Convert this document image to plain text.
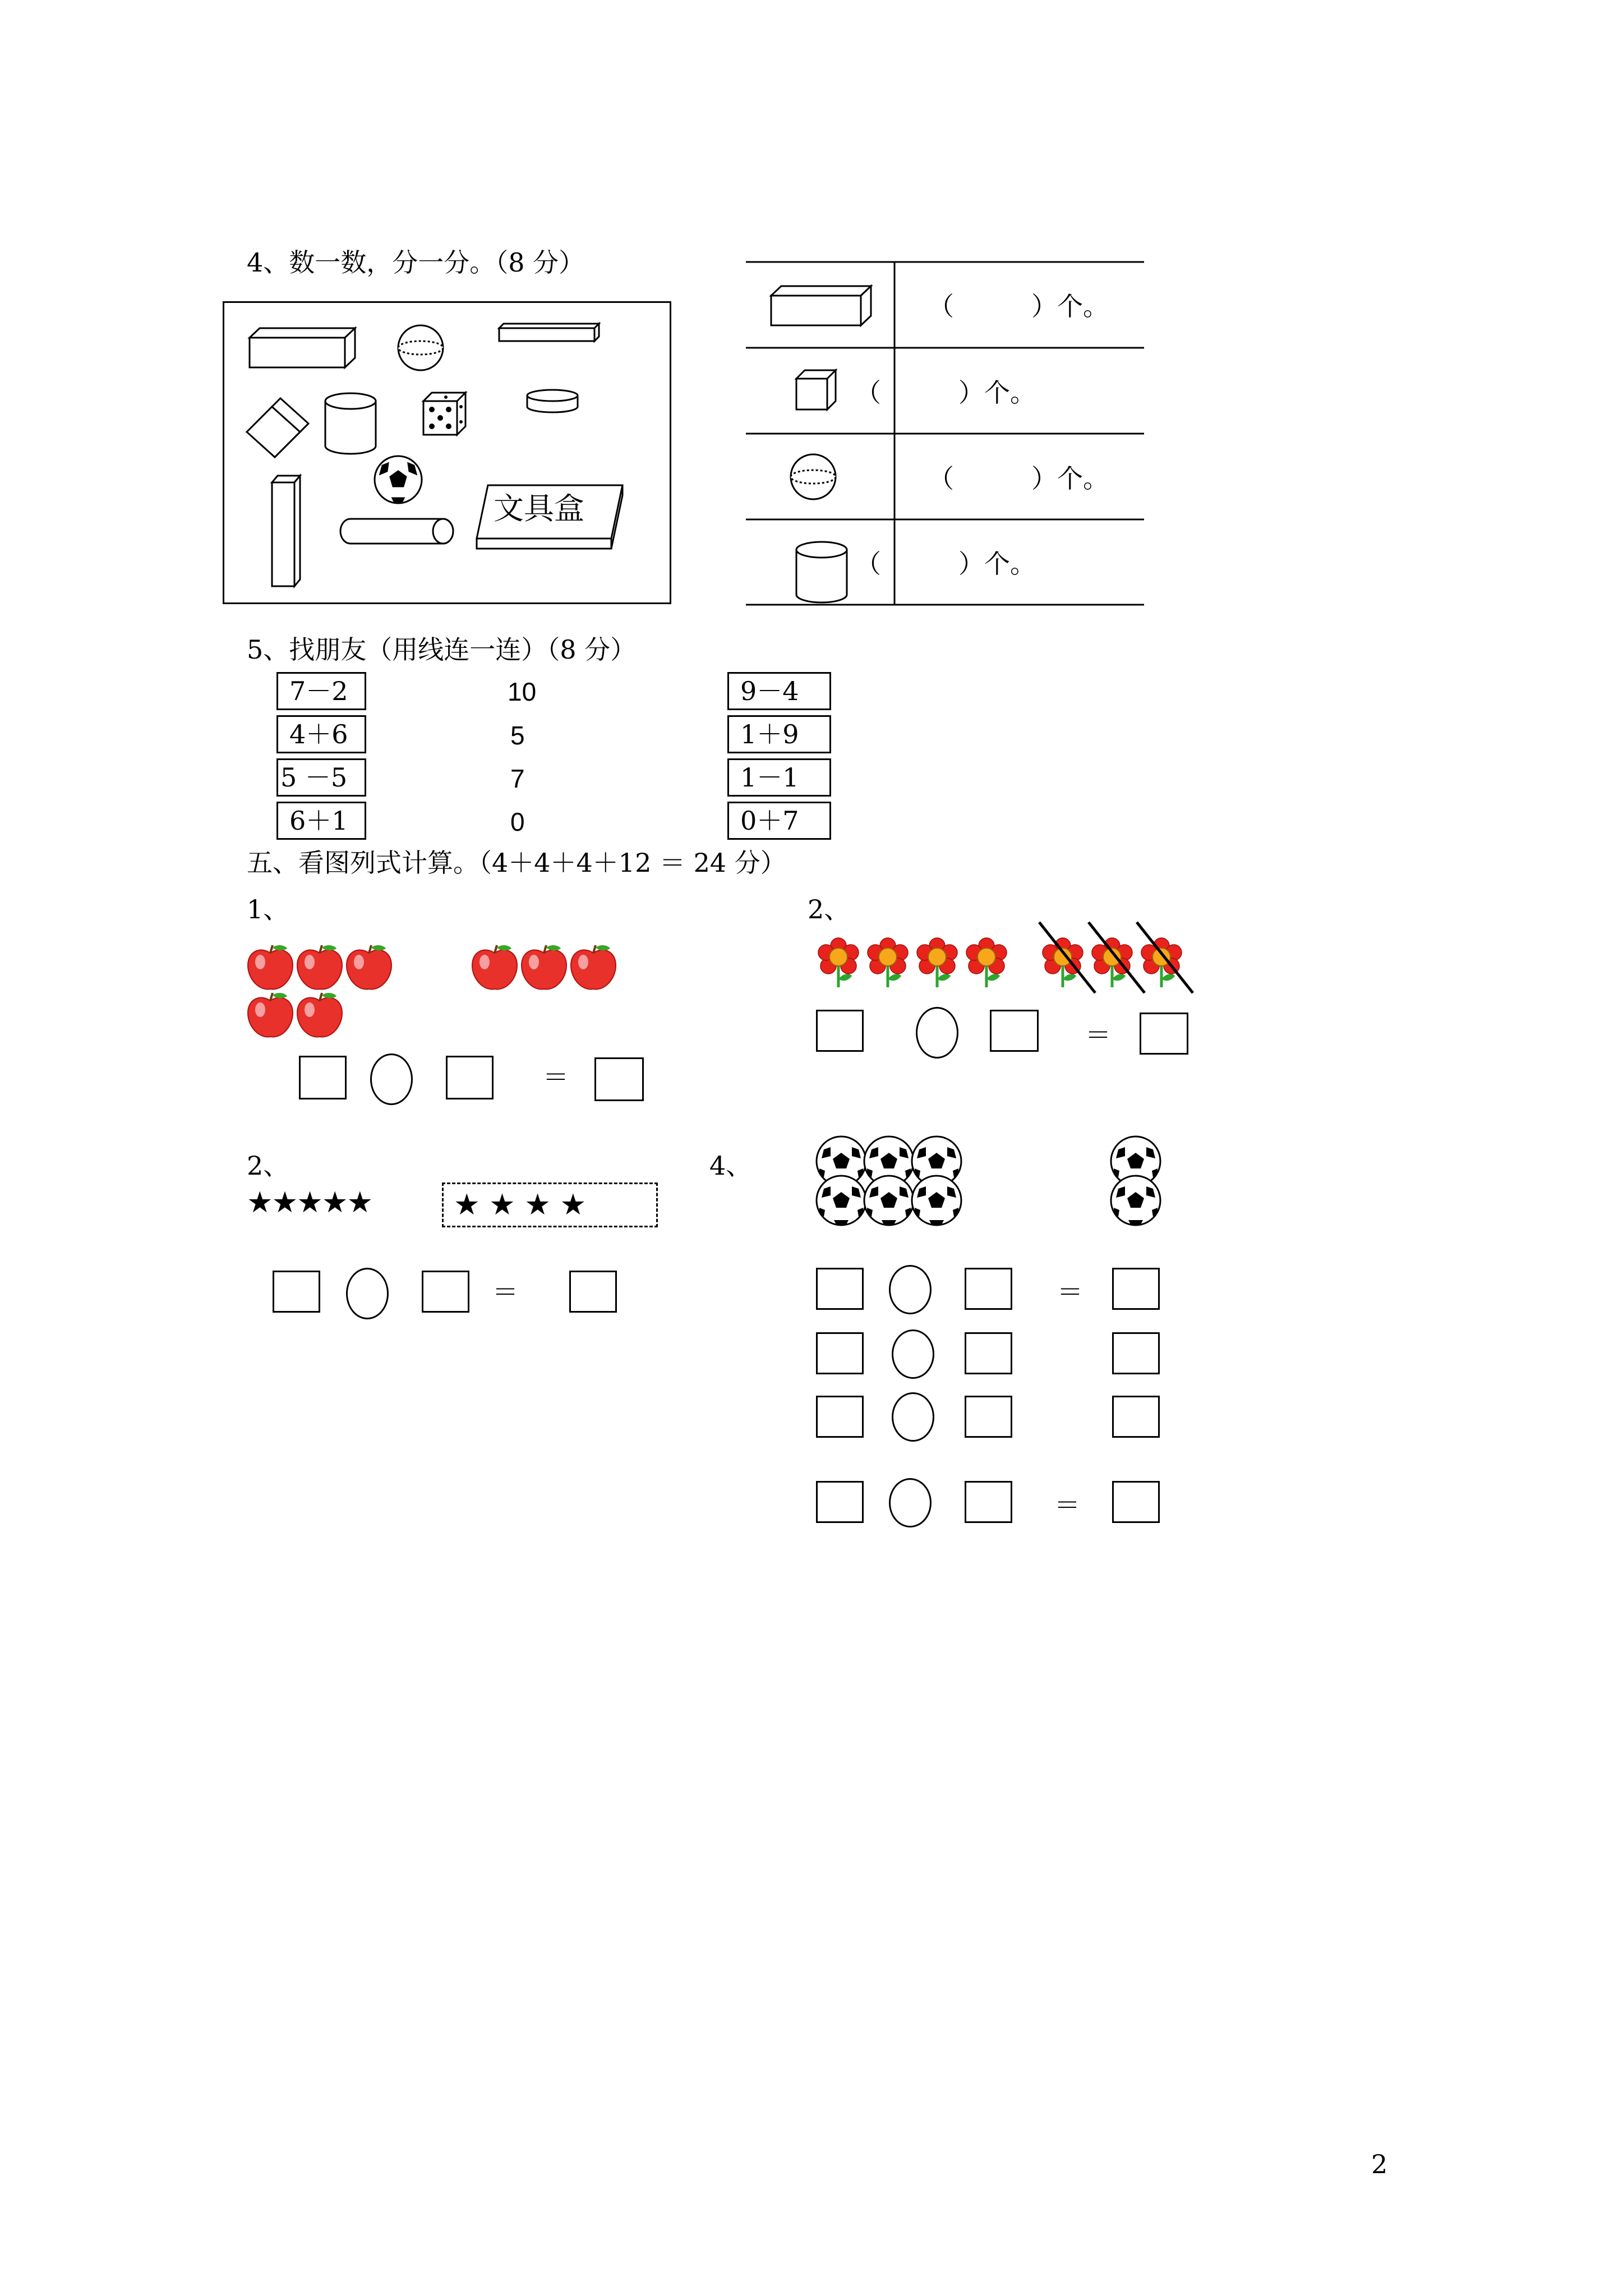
4、数一数，分一分。（8 分）
文具盒
（　　　）个。
（　　　）个。
（　　　）个。
（　　　）个。
5、找朋友（用线连一连）（8 分）
7－2
4＋6
5 －5
6＋1
10
5
7
0
9－4
1＋9
1－1
0＋7
五、看图列式计算。（4＋4＋4＋12 ＝ 24 分）
1、
＝
2、
＝
2、
★★★★★	★ ★ ★ ★
＝
4、
＝
＝
2
